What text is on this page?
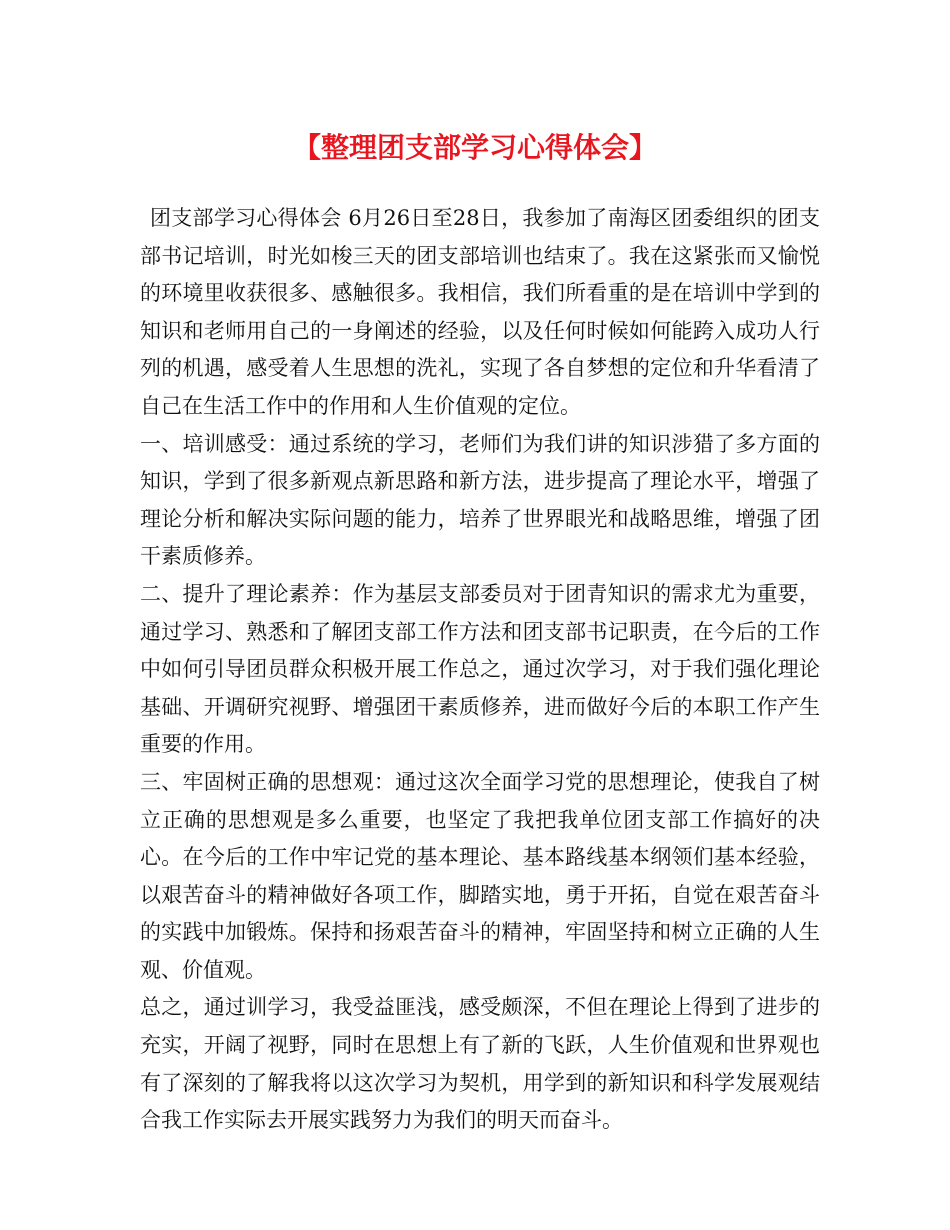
【整理团支部学习心得体会】

团支部学习心得体会 6月26日至28日，我参加了南海区团委组织的团支部书记培训，时光如梭三天的团支部培训也结束了。我在这紧张而又愉悦的环境里收获很多、感触很多。我相信，我们所看重的是在培训中学到的知识和老师用自己的一身阐述的经验，以及任何时候如何能跨入成功人行列的机遇，感受着人生思想的洗礼，实现了各自梦想的定位和升华看清了自己在生活工作中的作用和人生价值观的定位。

一、培训感受：通过系统的学习，老师们为我们讲的知识涉猎了多方面的知识，学到了很多新观点新思路和新方法，进步提高了理论水平，增强了理论分析和解决实际问题的能力，培养了世界眼光和战略思维，增强了团干素质修养。

二、提升了理论素养：作为基层支部委员对于团青知识的需求尤为重要，通过学习、熟悉和了解团支部工作方法和团支部书记职责，在今后的工作中如何引导团员群众积极开展工作总之，通过次学习，对于我们强化理论基础、开调研究视野、增强团干素质修养，进而做好今后的本职工作产生重要的作用。

三、牢固树正确的思想观：通过这次全面学习党的思想理论，使我自了树立正确的思想观是多么重要，也坚定了我把我单位团支部工作搞好的决心。在今后的工作中牢记党的基本理论、基本路线基本纲领们基本经验，以艰苦奋斗的精神做好各项工作，脚踏实地，勇于开拓，自觉在艰苦奋斗的实践中加锻炼。保持和扬艰苦奋斗的精神，牢固坚持和树立正确的人生观、价值观。

总之，通过训学习，我受益匪浅，感受颇深，不但在理论上得到了进步的充实，开阔了视野，同时在思想上有了新的飞跃，人生价值观和世界观也有了深刻的了解我将以这次学习为契机，用学到的新知识和科学发展观结合我工作实际去开展实践努力为我们的明天而奋斗。
